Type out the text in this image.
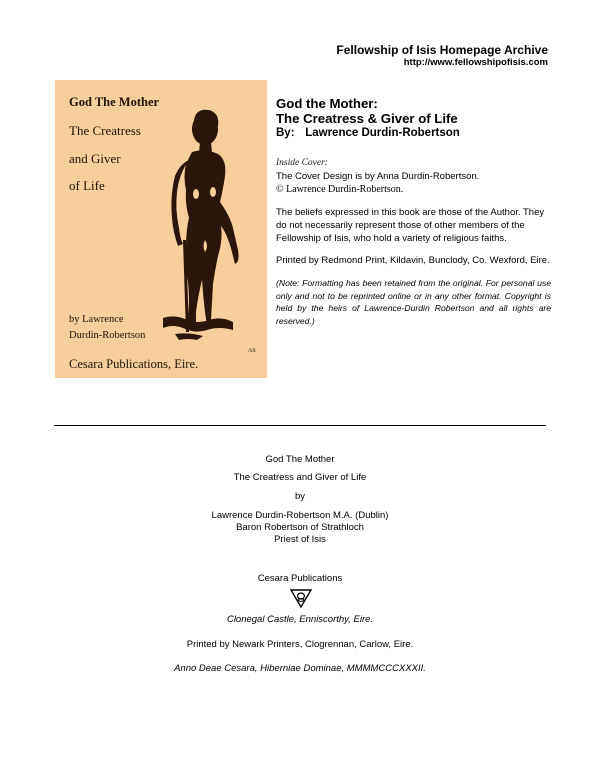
Fellowship of Isis Homepage Archive
http://www.fellowshipofisis.com
God The Mother
The Creatress
and Giver
of Life
by Lawrence
Durdin-Robertson
AS
Cesara Publications, Eire.
God the Mother:
The Creatress & Giver of Life
By: Lawrence Durdin-Robertson
Inside Cover:

The Cover Design is by Anna Durdin-Robertson.

© Lawrence Durdin-Robertson.

The beliefs expressed in this book are those of the Author. They do not necessarily represent those of other members of the Fellowship of Isis, who hold a variety of religious faiths.

Printed by Redmond Print, Kildavin, Bunclody, Co. Wexford, Eire.

(Note: Formatting has been retained from the original. For personal use only and not to be reprinted online or in any other format. Copyright is held by the heirs of Lawrence-Durdin Robertson and all rights are reserved.)

God The Mother
The Creatress and Giver of Life
by
Lawrence Durdin-Robertson M.A. (Dublin)
Baron Robertson of Strathloch
Priest of Isis
Cesara Publications
Clonegal Castle, Enniscorthy, Eire.
Printed by Newark Printers, Clogrennan, Carlow, Eire.
Anno Deae Cesara, Hiberniae Dominae, MMMMCCCXXXII.
